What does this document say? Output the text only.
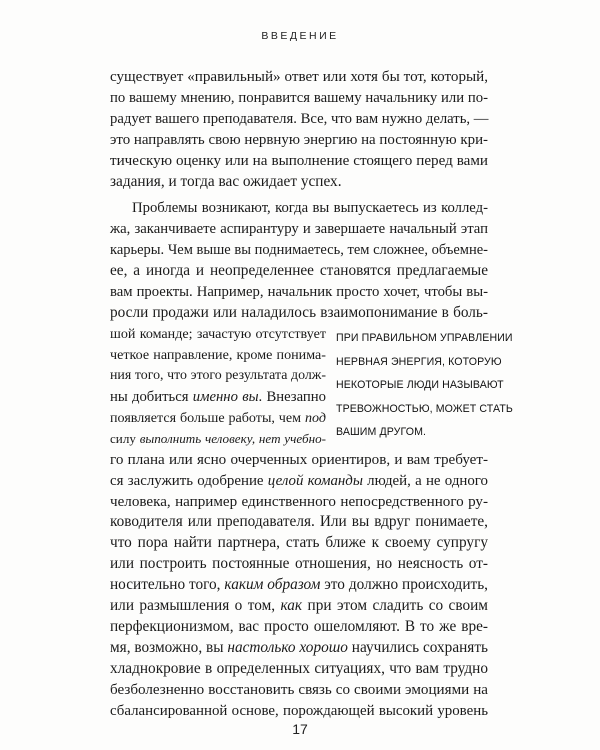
ВВЕДЕНИЕ
существует «правильный» ответ или хотя бы тот, который,
по вашему мнению, понравится вашему начальнику или по-
радует вашего преподавателя. Все, что вам нужно делать, —
это направлять свою нервную энергию на постоянную кри-
тическую оценку или на выполнение стоящего перед вами
задания, и тогда вас ожидает успех.
Проблемы возникают, когда вы выпускаетесь из коллед-
жа, заканчиваете аспирантуру и завершаете начальный этап
карьеры. Чем выше вы поднимаетесь, тем сложнее, объемне-
ее, а иногда и неопределеннее становятся предлагаемые
вам проекты. Например, начальник просто хочет, чтобы вы-
росли продажи или наладилось взаимопонимание в боль-
шой команде; зачастую отсутствует
четкое направление, кроме понима-
ния того, что этого результата долж-
ны добиться именно вы. Внезапно
появляется больше работы, чем под
силу выполнить человеку, нет учебно-
го плана или ясно очерченных ориентиров, и вам требует-
ся заслужить одобрение целой команды людей, а не одного
человека, например единственного непосредственного ру-
ководителя или преподавателя. Или вы вдруг понимаете,
что пора найти партнера, стать ближе к своему супругу
или построить постоянные отношения, но неясность от-
носительно того, каким образом это должно происходить,
или размышления о том, как при этом сладить со своим
перфекционизмом, вас просто ошеломляют. В то же вре-
мя, возможно, вы настолько хорошо научились сохранять
хладнокровие в определенных ситуациях, что вам трудно
безболезненно восстановить связь со своими эмоциями на
сбалансированной основе, порождающей высокий уровень
ПРИ ПРАВИЛЬНОМ УПРАВЛЕНИИ
НЕРВНАЯ ЭНЕРГИЯ, КОТОРУЮ
НЕКОТОРЫЕ ЛЮДИ НАЗЫВАЮТ
ТРЕВОЖНОСТЬЮ, МОЖЕТ СТАТЬ
ВАШИМ ДРУГОМ.
17
